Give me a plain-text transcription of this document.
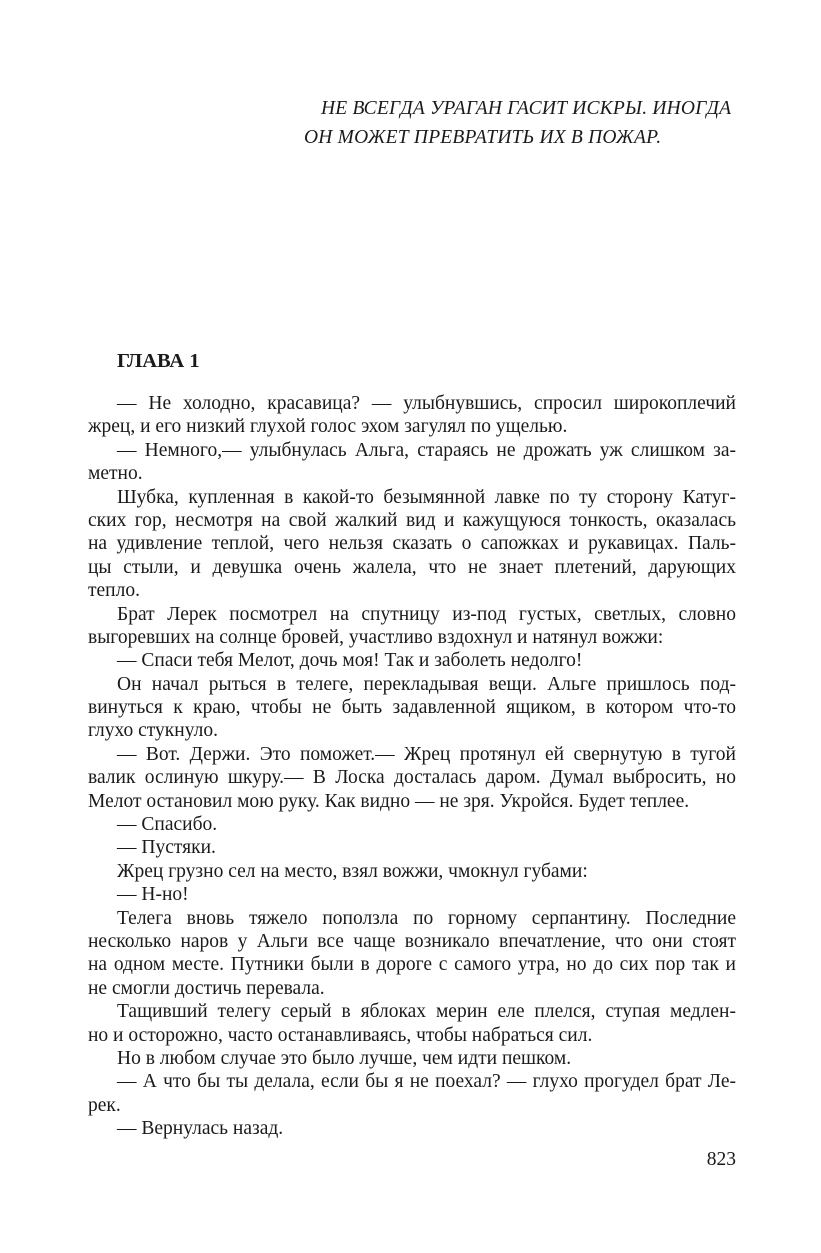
НЕ ВСЕГДА УРАГАН ГАСИТ ИСКРЫ. ИНОГДА
ОН МОЖЕТ ПРЕВРАТИТЬ ИХ В ПОЖАР.
ГЛАВА 1
— Не холодно, красавица? — улыбнувшись, спросил широкоплечий
жрец, и его низкий глухой голос эхом загулял по ущелью.
— Немного,— улыбнулась Альга, стараясь не дрожать уж слишком за-
метно.
Шубка, купленная в какой-то безымянной лавке по ту сторону Катуг-
ских гор, несмотря на свой жалкий вид и кажущуюся тонкость, оказалась
на удивление теплой, чего нельзя сказать о сапожках и рукавицах. Паль-
цы стыли, и девушка очень жалела, что не знает плетений, дарующих
тепло.
Брат Лерек посмотрел на спутницу из-под густых, светлых, словно
выгоревших на солнце бровей, участливо вздохнул и натянул вожжи:
— Спаси тебя Мелот, дочь моя! Так и заболеть недолго!
Он начал рыться в телеге, перекладывая вещи. Альге пришлось под-
винуться к краю, чтобы не быть задавленной ящиком, в котором что-то
глухо стукнуло.
— Вот. Держи. Это поможет.— Жрец протянул ей свернутую в тугой
валик ослиную шкуру.— В Лоска досталась даром. Думал выбросить, но
Мелот остановил мою руку. Как видно — не зря. Укройся. Будет теплее.
— Спасибо.
— Пустяки.
Жрец грузно сел на место, взял вожжи, чмокнул губами:
— Н-но!
Телега вновь тяжело поползла по горному серпантину. Последние
несколько наров у Альги все чаще возникало впечатление, что они стоят
на одном месте. Путники были в дороге с самого утра, но до сих пор так и
не смогли достичь перевала.
Тащивший телегу серый в яблоках мерин еле плелся, ступая медлен-
но и осторожно, часто останавливаясь, чтобы набраться сил.
Но в любом случае это было лучше, чем идти пешком.
— А что бы ты делала, если бы я не поехал? — глухо прогудел брат Ле-
рек.
— Вернулась назад.
823
